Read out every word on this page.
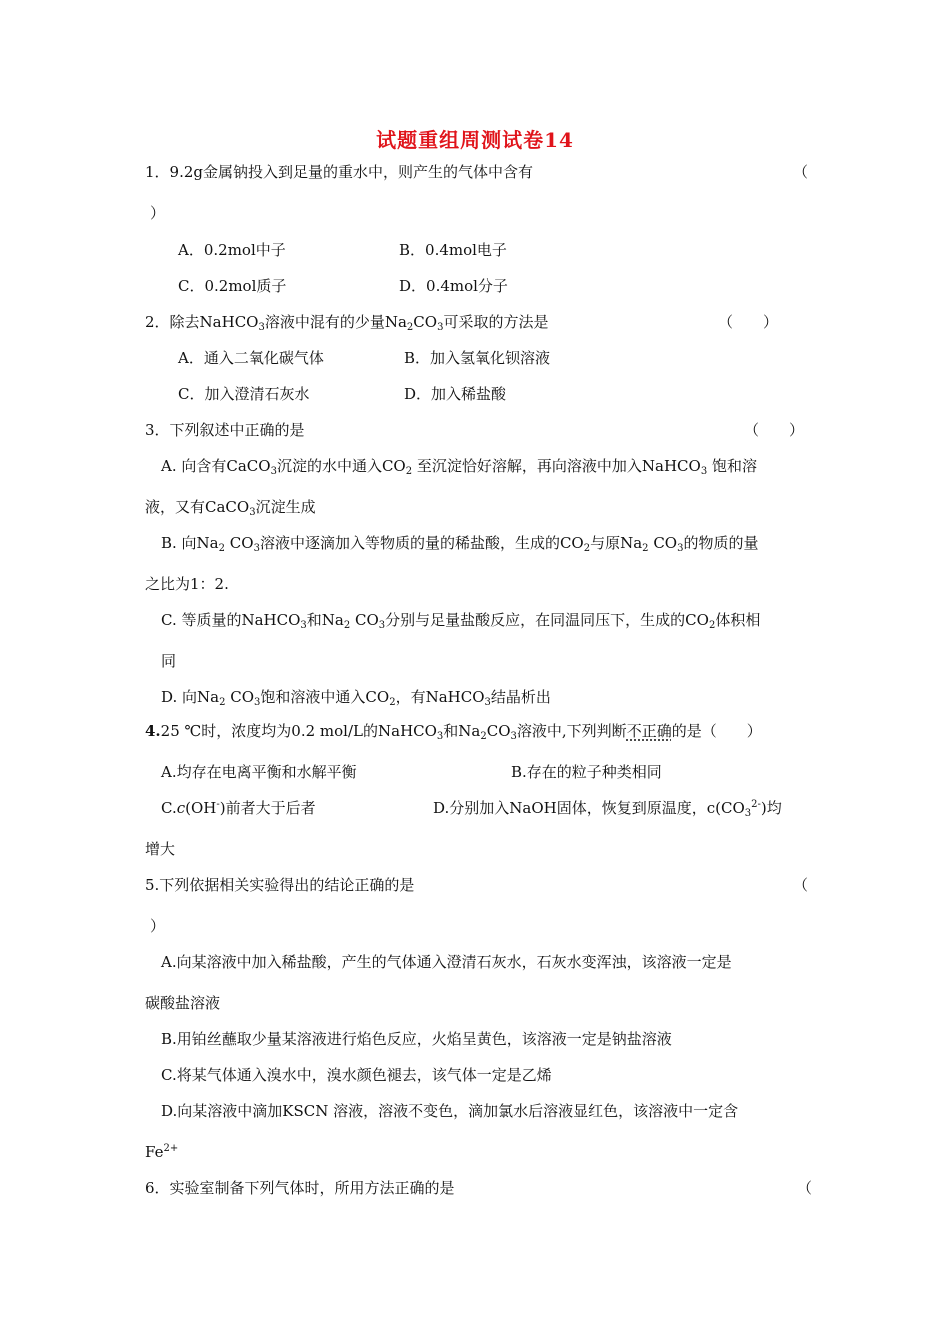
试题重组周测试卷14
1．9.2g金属钠投入到足量的重水中，则产生的气体中含有	（
）
A．0.2mol中子	B．0.4mol电子
C．0.2mol质子	D．0.4mol分子
2．除去NaHCO$_3$溶液中混有的少量$Na_2CO_3$可采取的方法是	（　　）
A．通入二氧化碳气体	B．加入氢氧化钡溶液
C．加入澄清石灰水	D．加入稀盐酸
3．下列叙述中正确的是	（　　）
A. 向含有CaCO$_3$沉淀的水中通入$CO_2$ 至沉淀恰好溶解，再向溶液中加入NaHCO$_3$ 饱和溶
液，又有CaCO$_3$沉淀生成
B. 向$Na_2$ $CO_3$溶液中逐滴加入等物质的量的稀盐酸，生成的$CO_2$与原$Na_2$ $CO_3$的物质的量
之比为1：2.
C. 等质量的NaHCO$_3$和$Na_2$ $CO_3$分别与足量盐酸反应，在同温同压下，生成的$CO_2$体积相
同
D. 向$Na_2$ $CO_3$饱和溶液中通入$CO_2$，有NaHCO$_3$结晶析出
4.25 ℃时，浓度均为0.2 mol/L的NaHCO$_3$和$Na_2CO_3$溶液中,下列判断不正确的是（　　）
A.均存在电离平衡和水解平衡	B.存在的粒子种类相同
C.c(OH-)前者大于后者	D.分别加入NaOH固体，恢复到原温度，$c(CO_3^{2-})$均
增大
5.下列依据相关实验得出的结论正确的是	（
）
A.向某溶液中加入稀盐酸，产生的气体通入澄清石灰水，石灰水变浑浊，该溶液一定是
碳酸盐溶液
B.用铂丝蘸取少量某溶液进行焰色反应，火焰呈黄色，该溶液一定是钠盐溶液
C.将某气体通入溴水中，溴水颜色褪去，该气体一定是乙烯
D.向某溶液中滴加KSCN 溶液，溶液不变色，滴加氯水后溶液显红色，该溶液中一定含
$Fe^{2+}$
6．实验室制备下列气体时，所用方法正确的是	（
